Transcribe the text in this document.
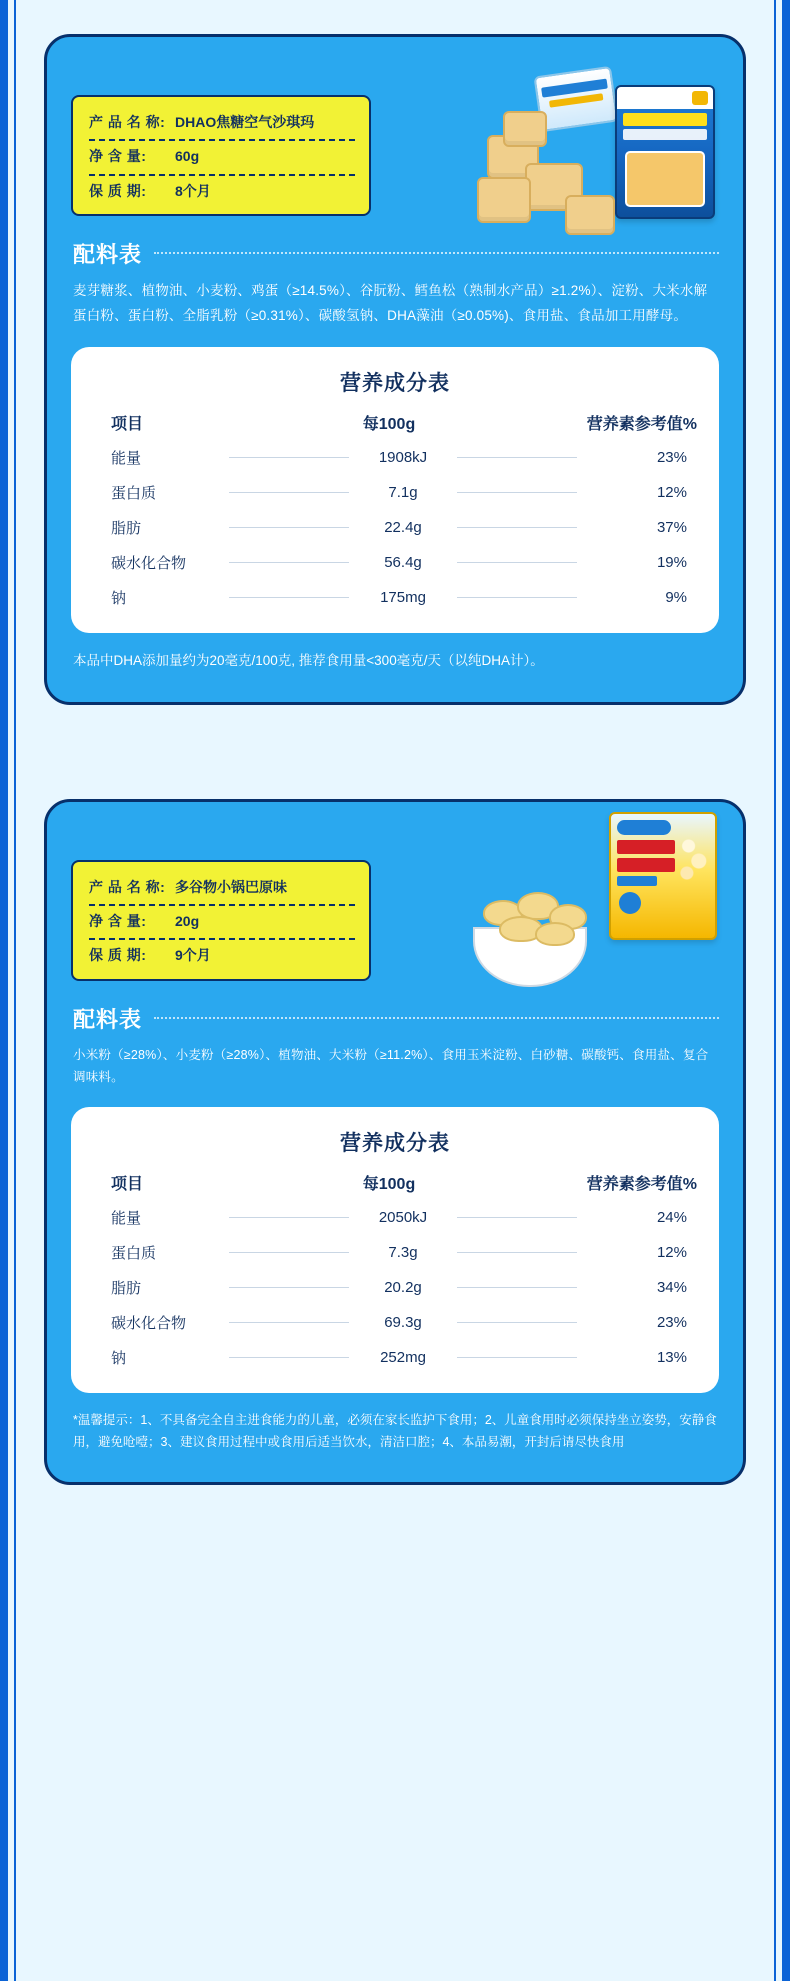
产 品 名 称: DHAO焦糖空气沙琪玛
净 含 量:	60g
保 质 期:	8个月
配料表
麦芽糖浆、植物油、小麦粉、鸡蛋（≥14.5%）、谷朊粉、鳕鱼松（熟制水产品）≥1.2%）、淀粉、大米水解蛋白粉、蛋白粉、全脂乳粉（≥0.31%）、碳酸氢钠、DHA藻油（≥0.05%)、食用盐、食品加工用酵母。
营养成分表
项目	每100g	营养素参考值%
能量	1908kJ	23%
蛋白质	7.1g	12%
脂肪	22.4g	37%
碳水化合物	56.4g	19%
钠	175mg	9%
本品中DHA添加量约为20毫克/100克, 推荐食用量<300毫克/天（以纯DHA计）。
产 品 名 称: 多谷物小锅巴原味
净 含 量:	20g
保 质 期:	9个月
配料表
小米粉（≥28%）、小麦粉（≥28%）、植物油、大米粉（≥11.2%）、食用玉米淀粉、白砂糖、碳酸钙、食用盐、复合调味料。
营养成分表
项目	每100g	营养素参考值%
能量	2050kJ	24%
蛋白质	7.3g	12%
脂肪	20.2g	34%
碳水化合物	69.3g	23%
钠	252mg	13%
*温馨提示：1、不具备完全自主进食能力的儿童，必须在家长监护下食用；2、儿童食用时必须保持坐立姿势，安静食用，避免呛噎；3、建议食用过程中或食用后适当饮水，清洁口腔；4、本品易潮，开封后请尽快食用
